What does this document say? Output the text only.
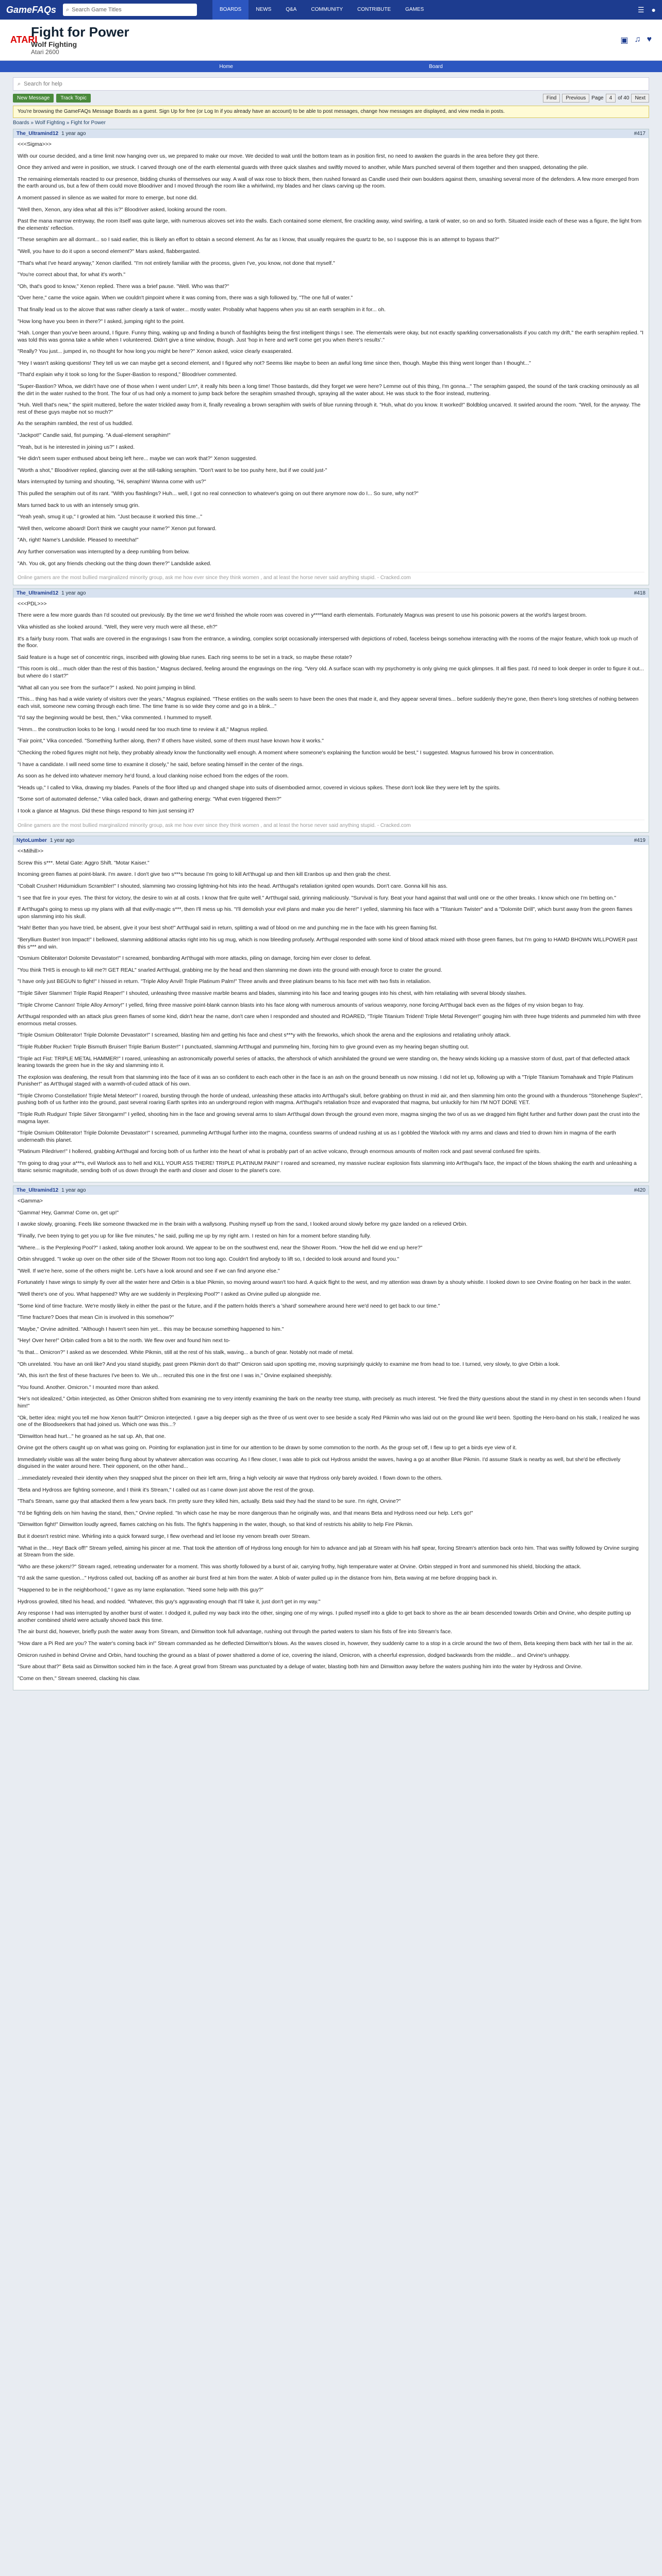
GameFAQs ⌕ Search Game Titles	BOARDS	NEWS	Q&A	COMMUNITY	CONTRIBUTE	GAMES	☰ ●
ATARI
Fight for Power
Wolf Fighting
Atari 2600
▣ ♫ ♥
Home	Board
⌕ Search for help
New Message	Track Topic	Find	Previous	Page	4	of 40	Next
You're browsing the GameFAQs Message Boards as a guest. Sign Up for free (or Log In if you already have an account) to be able to post messages, change how messages are displayed, and view media in posts.
Boards » Wolf Fighting » Fight for Power
The_Ultramind12 1 year ago	#417

<<<Sigma>>>

With our course decided, and a time limit now hanging over us, we prepared to make our move. We decided to wait until the bottom team as in position first, no need to awaken the guards in the area before they got there.

Once they arrived and were in position, we struck. I carved through one of the earth elemental guards with three quick slashes and swiftly moved to another, while Mars punched several of them together and then snapped, detonating the pile.

The remaining elementals reacted to our presence, bidding chunks of themselves our way. A wall of wax rose to block them, then rushed forward as Candle used their own boulders against them, smashing several more of the defenders. A few more emerged from the earth around us, but a few of them could move Bloodriver and I moved through the room like a whirlwind, my blades and her claws carving up the room.

A moment passed in silence as we waited for more to emerge, but none did.

"Well then, Xenon, any idea what all this is?" Bloodriver asked, looking around the room.

Past the mana marrow entryway, the room itself was quite large, with numerous alcoves set into the walls. Each contained some element, fire crackling away, wind swirling, a tank of water, so on and so forth. Situated inside each of these was a figure, the light from the elements' reflection.

"These seraphim are all dormant... so I said earlier, this is likely an effort to obtain a second element. As far as I know, that usually requires the quartz to be, so I suppose this is an attempt to bypass that?"

"Well, you have to do it upon a second element?" Mars asked, flabbergasted.

"That's what I've heard anyway," Xenon clarified. "I'm not entirely familiar with the process, given I've, you know, not done that myself."

"You're correct about that, for what it's worth."

"Oh, that's good to know," Xenon replied. There was a brief pause. "Well. Who was that?"

"Over here," came the voice again. When we couldn't pinpoint where it was coming from, there was a sigh followed by, "The one full of water."

That finally lead us to the alcove that was rather clearly a tank of water... mostly water. Probably what happens when you sit an earth seraphim in it for... oh.

"How long have you been in there?" I asked, jumping right to the point.

"Hah. Longer than you've been around, I figure. Funny thing, waking up and finding a bunch of flashlights being the first intelligent things I see. The elementals were okay, but not exactly sparkling conversationalists if you catch my drift," the earth seraphim replied. "I was told this was gonna take a while when I volunteered. Didn't give a time window, though. Just 'hop in here and we'll come get you when there's results'."

"Really? You just... jumped in, no thought for how long you might be here?" Xenon asked, voice clearly exasperated.

"Hey I wasn't asking questions! They tell us we can maybe get a second element, and I figured why not? Seems like maybe to been an awful long time since then, though. Maybe this thing went longer than I thought..."

"That'd explain why it took so long for the Super-Bastion to respond," Bloodriver commented.

"Super-Bastion? Whoa, we didn't have one of those when I went under! Lm*, it really hits been a long time! Those bastards, did they forget we were here? Lemme out of this thing, I'm gonna..." The seraphim gasped, the sound of the tank cracking ominously as all the dirt in the water rushed to the front. The four of us had only a moment to jump back before the seraphim smashed through, spraying all the water about. He was stuck to the floor instead, muttering.

"Huh. Well that's new," the spirit muttered, before the water trickled away from it, finally revealing a brown seraphim with swirls of blue running through it. "Huh, what do you know. It worked!" Boldblog uncarved. It swirled around the room. "Well, for the anyway. The rest of these guys maybe not so much?"

As the seraphim rambled, the rest of us huddled.

"Jackpot!" Candle said, fist pumping. "A dual-element seraphim!"

"Yeah, but is he interested in joining us?" I asked.

"He didn't seem super enthused about being left here... maybe we can work that?" Xenon suggested.

"Worth a shot," Bloodriver replied, glancing over at the still-talking seraphim. "Don't want to be too pushy here, but if we could just-"

Mars interrupted by turning and shouting, "Hi, seraphim! Wanna come with us?"

This pulled the seraphim out of its rant. "With you flashlings? Huh... well, I got no real connection to whatever's going on out there anymore now do I... So sure, why not?"

Mars turned back to us with an intensely smug grin.

"Yeah yeah, smug it up," I growled at him. "Just because it worked this time..."

"Well then, welcome aboard! Don't think we caught your name?" Xenon put forward.

"Ah, right! Name's Landslide. Pleased to meetcha!"

Any further conversation was interrupted by a deep rumbling from below.

"Ah. You ok, got any friends checking out the thing down there?" Landslide asked.

Online gamers are the most bullied marginalized minority group, ask me how ever since they think women , and at least the horse never said anything stupid. - Cracked.com
The_Ultramind12 1 year ago	#418

<<<PDL>>>

There were a few more guards than I'd scouted out previously. By the time we we'd finished the whole room was covered in y****land earth elementals. Fortunately Magnus was present to use his poisonic powers at the world's largest broom.

Vika whistled as she looked around. "Well, they were very much were all these, eh?"

It's a fairly busy room. That walls are covered in the engravings I saw from the entrance, a winding, complex script occasionally interspersed with depictions of robed, faceless beings somehow interacting with the rooms of the major feature, which took up much of the floor.

Said feature is a huge set of concentric rings, inscribed with glowing blue runes. Each ring seems to be set in a track, so maybe these rotate?

"This room is old... much older than the rest of this bastion," Magnus declared, feeling around the engravings on the ring. "Very old. A surface scan with my psychometry is only giving me quick glimpses. It all flies past. I'd need to look deeper in order to figure it out... but where do I start?"

"What all can you see from the surface?" I asked. No point jumping in blind.

"This... thing has had a wide variety of visitors over the years," Magnus explained. "These entities on the walls seem to have been the ones that made it, and they appear several times... before suddenly they're gone, then there's long stretches of nothing between each visit, someone new coming through each time. The time frame is so wide they come and go in a blink..."

"I'd say the beginning would be best, then," Vika commented. I hummed to myself.

"Hmm... the construction looks to be long. I would need far too much time to review it all," Magnus replied.

"Fair point," Vika conceded. "Something further along, then? If others have visited, some of them must have known how it works."

"Checking the robed figures might not help, they probably already know the functionality well enough. A moment where someone's explaining the function would be best," I suggested. Magnus furrowed his brow in concentration.

"I have a candidate. I will need some time to examine it closely," he said, before seating himself in the center of the rings.

As soon as he delved into whatever memory he'd found, a loud clanking noise echoed from the edges of the room.

"Heads up," I called to Vika, drawing my blades. Panels of the floor lifted up and changed shape into suits of disembodied armor, covered in vicious spikes. These don't look like they were left by the spirits.

"Some sort of automated defense," Vika called back, drawn and gathering energy. "What even triggered them?"

I took a glance at Magnus. Did these things respond to him just sensing it?

Online gamers are the most bullied marginalized minority group, ask me how ever since they think women , and at least the horse never said anything stupid. - Cracked.com
NytoLumber 1 year ago	#419

<<Milhill>>

Screw this s***. Metal Gate: Aggro Shift. "Motar Kaiser."

Incoming green flames at point-blank. I'm aware. I don't give two s***s because I'm going to kill Art'thugal up and then kill Eranbos up and then grab the chest.

"Cobalt Crusher! Hidumidium Scrambler!" I shouted, slamming two crossing lightning-hot hits into the head. Art'thugal's retaliation ignited open wounds. Don't care. Gonna kill his ass.

"I see that fire in your eyes. The thirst for victory, the desire to win at all costs. I know that fire quite well." Art'thugal said, grinning maliciously. "Survival is fury. Beat your hand against that wall until one or the other breaks. I know which one I'm betting on."

If Art'thugal's going to mess up my plans with all that evilly-magic s***, then I'll mess up his. "I'll demolish your evil plans and make you die here!" I yelled, slamming his face with a "Titanium Twister" and a "Dolomite Drill", which burst away from the green flames upon slamming into his skull.

"Hah! Better than you have tried, be absent, give it your best shot!" Art'thugal said in return, splitting a wad of blood on me and punching me in the face with his green flaming fist.

"Beryllium Buster! Iron Impact!" I bellowed, slamming additional attacks right into his ug mug, which is now bleeding profusely. Art'thugal responded with some kind of blood attack mixed with those green flames, but I'm going to HAMD BHOWN WILLPOWER past this s*** and win.

"Osmium Obliterator! Dolomite Devastator!" I screamed, bombarding Art'thugal with more attacks, piling on damage, forcing him ever closer to defeat.

"You think THIS is enough to kill me?! GET REAL" snarled Art'thugal, grabbing me by the head and then slamming me down into the ground with enough force to crater the ground.

"I have only just BEGUN to fight!" I hissed in return. "Triple Alloy Anvil! Triple Platinum Palm!" Three anvils and three platinum beams to his face met with two fists in retaliation.

"Triple Silver Slammer! Triple Rapid Reaper!" I shouted, unleashing three massive marble beams and blades, slamming into his face and tearing gouges into his chest, with him retaliating with several bloody slashes.

"Triple Chrome Cannon! Triple Alloy Armory!" I yelled, firing three massive point-blank cannon blasts into his face along with numerous amounts of various weaponry, none forcing Art'thugal back even as the fidges of my vision began to fray.

Art'thugal responded with an attack plus green flames of some kind, didn't hear the name, don't care when I responded and shouted and ROARED, "Triple Titanium Trident! Triple Metal Revenger!" gouging him with three huge tridents and pummeled him with three enormous metal crosses.

"Triple Osmium Obliterator! Triple Dolomite Devastator!" I screamed, blasting him and getting his face and chest s***y with the fireworks, which shook the arena and the explosions and retaliating unholy attack.

"Triple Rubber Rucker! Triple Bismuth Bruiser! Triple Barium Buster!" I punctuated, slamming Art'thugal and pummeling him, forcing him to give ground even as my hearing began shutting out.

"Triple act Fist: TRIPLE METAL HAMMER!" I roared, unleashing an astronomically powerful series of attacks, the aftershock of which annihilated the ground we were standing on, the heavy winds kicking up a massive storm of dust, part of that deflected attack leaning towards the green hue in the sky and slamming into it.

The explosion was deafening, the result from that slamming into the face of it was an so confident to each each other in the face is an ash on the ground beneath us now missing. I did not let up, following up with a "Triple Titanium Tomahawk and Triple Platinum Punisher!" as Art'thugal staged with a warmth-of-cuded attack of his own.

"Triple Chromo Constellation! Triple Metal Meteor!" I roared, bursting through the horde of undead, unleashing these attacks into Art'thugal's skull, before grabbing on thrust in mid air, and then slamming him onto the ground with a thunderous "Stonehenge Suplex!", pushing both of us further into the ground, past several roaring Earth sprites into an underground region with magma. Art'thugal's retaliation froze and evaporated that magma, but unluckily for him I'M NOT DONE YET.

"Triple Ruth Rudgun! Triple Silver Strongarm!" I yelled, shooting him in the face and growing several arms to slam Art'thugal down through the ground even more, magma singing the two of us as we dragged him flight further and further down past the crust into the magma layer.

"Triple Osmium Obliterator! Triple Dolomite Devastator!" I screamed, pummeling Art'thugal further into the magma, countless swarms of undead rushing at us as I gobbled the Warlock with my arms and claws and tried to drown him in magma of the earth underneath this planet.

"Platinum Piledriver!" I hollered, grabbing Art'thugal and forcing both of us further into the heart of what is probably part of an active volcano, through enormous amounts of molten rock and past several confused fire spirits.

"I'm going to drag your a***s, evil Warlock ass to hell and KILL YOUR ASS THERE! TRIPLE PLATINUM PAIN!" I roared and screamed, my massive nuclear explosion fists slamming into Art'thugal's face, the impact of the blows shaking the earth and unleashing a titanic seismic magnitude, sending both of us down through the earth and closer and closer to the planet's core.

The_Ultramind12 1 year ago	#420

<Gamma>

"Gamma! Hey, Gamma! Come on, get up!"

I awoke slowly, groaning. Feels like someone thwacked me in the brain with a wallysong. Pushing myself up from the sand, I looked around slowly before my gaze landed on a relieved Orbin.

"Finally, I've been trying to get you up for like five minutes," he said, pulling me up by my right arm. I rested on him for a moment before standing fully.

"Where... is the Perplexing Pool?" I asked, taking another look around. We appear to be on the southwest end, near the Shower Room. "How the hell did we end up here?"

Orbin shrugged. "I woke up over on the other side of the Shower Room not too long ago. Couldn't find anybody to lift so, I decided to look around and found you."

"Well. If we're here, some of the others might be. Let's have a look around and see if we can find anyone else."

Fortunately I have wings to simply fly over all the water here and Orbin is a blue Pikmin, so moving around wasn't too hard. A quick flight to the west, and my attention was drawn by a shouty whistle. I looked down to see Orvine floating on her back in the water.

"Well there's one of you. What happened? Why are we suddenly in Perplexing Pool?" I asked as Orvine pulled up alongside me.

"Some kind of time fracture. We're mostly likely in either the past or the future, and if the pattern holds there's a 'shard' somewhere around here we'd need to get back to our time."

"Time fracture? Does that mean Cin is involved in this somehow?"

"Maybe," Orvine admitted. "Although I haven't seen him yet... this may be because something happened to him."

"Hey! Over here!" Orbin called from a bit to the north. We flew over and found him next to-

"Is that... Omicron?" I asked as we descended. White Pikmin, still at the rest of his stalk, waving... a bunch of gear. Notably not made of metal.

"Oh unrelated. You have an onli like? And you stand stupidly, past green Pikmin don't do that!" Omicron said upon spotting me, moving surprisingly quickly to examine me from head to toe. I turned, very slowly, to give Orbin a look.

"Ah, this isn't the first of these fractures I've been to. We uh... recruited this one in the first one I was in," Orvine explained sheepishly.

"You found. Another. Omicron." I mounted more than asked.

"He's not idealized," Orbin interjected, as Other Omicron shifted from examining me to very intently examining the bark on the nearby tree stump, with precisely as much interest. "He fired the thirty questions about the stand in my chest in ten seconds when I found him!"

"Ok, better idea: might you tell me how Xenon fault?" Omicron interjected. I gave a big deeper sigh as the three of us went over to see beside a scaly Red Pikmin who was laid out on the ground like we'd been. Spotting the Hero-band on his stalk, I realized he was one of the Bloodseekers that had joined us. Which one was this...?

"Dimwitton head hurt..." he groaned as he sat up. Ah, that one.

Orvine got the others caught up on what was going on. Pointing for explanation just in time for our attention to be drawn by some commotion to the north. As the group set off, I flew up to get a birds eye view of it.

Immediately visible was all the water being flung about by whatever altercation was occurring. As I flew closer, I was able to pick out Hydross amidst the waves, having a go at another Blue Pikmin. I'd assume Stark is nearby as well, but she'd be effectively disguised in the water around here. Their opponent, on the other hand...

...immediately revealed their identity when they snapped shut the pincer on their left arm, firing a high velocity air wave that Hydross only barely avoided. I flown down to the others.

"Beta and Hydross are fighting someone, and I think it's Stream," I called out as I came down just above the rest of the group.

"That's Stream, same guy that attacked them a few years back. I'm pretty sure they killed him, actually. Beta said they had the stand to be sure. I'm right, Orvine?"

"I'd be fighting dels on him having the stand, then," Orvine replied. "In which case he may be more dangerous than he originally was, and that means Beta and Hydross need our help. Let's go!"

"Dimwitton fight!" Dimwitton loudly agreed, flames catching on his fists. The fight's happening in the water, though, so that kind of restricts his ability to help Fire Pikmin.

But it doesn't restrict mine. Whirling into a quick forward surge, I flew overhead and let loose my venom breath over Stream.

"What in the... Hey! Back off!" Stream yelled, aiming his pincer at me. That took the attention off of Hydross long enough for him to advance and jab at Stream with his half spear, forcing Stream's attention back onto him. That was swiftly followed by Orvine surging at Stream from the side.

"Who are these jokers!?" Stream raged, retreating underwater for a moment. This was shortly followed by a burst of air, carrying frothy, high temperature water at Orvine. Orbin stepped in front and summoned his shield, blocking the attack.

"I'd ask the same question..." Hydross called out, backing off as another air burst fired at him from the water. A blob of water pulled up in the distance from him, Beta waving at me before dropping back in.

"Happened to be in the neighborhood," I gave as my lame explanation. "Need some help with this guy?"

Hydross growled, tilted his head, and nodded. "Whatever, this guy's aggravating enough that I'll take it, just don't get in my way."

Any response I had was interrupted by another burst of water. I dodged it, pulled my way back into the other, singing one of my wings. I pulled myself into a glide to get back to shore as the air beam descended towards Orbin and Orvine, who despite putting up another combined shield were actually shoved back this time.

The air burst did, however, briefly push the water away from Stream, and Dimwitton took full advantage, rushing out through the parted waters to slam his fists of fire into Stream's face.

"How dare a Pi Red are you? The water's coming back in!" Stream commanded as he deflected Dimwitton's blows. As the waves closed in, however, they suddenly came to a stop in a circle around the two of them, Beta keeping them back with her tail in the air.

Omicron rushed in behind Orvine and Orbin, hand touching the ground as a blast of power shattered a dome of ice, covering the island, Omicron, with a cheerful expression, dodged backwards from the middle... and Orvine's unhappy.

"Sure about that?" Beta said as Dimwitton socked him in the face. A great growl from Stream was punctuated by a deluge of water, blasting both him and Dimwitton away before the waters pushing him into the water by Hydross and Orvine.

"Come on then," Stream sneered, clacking his claw.
